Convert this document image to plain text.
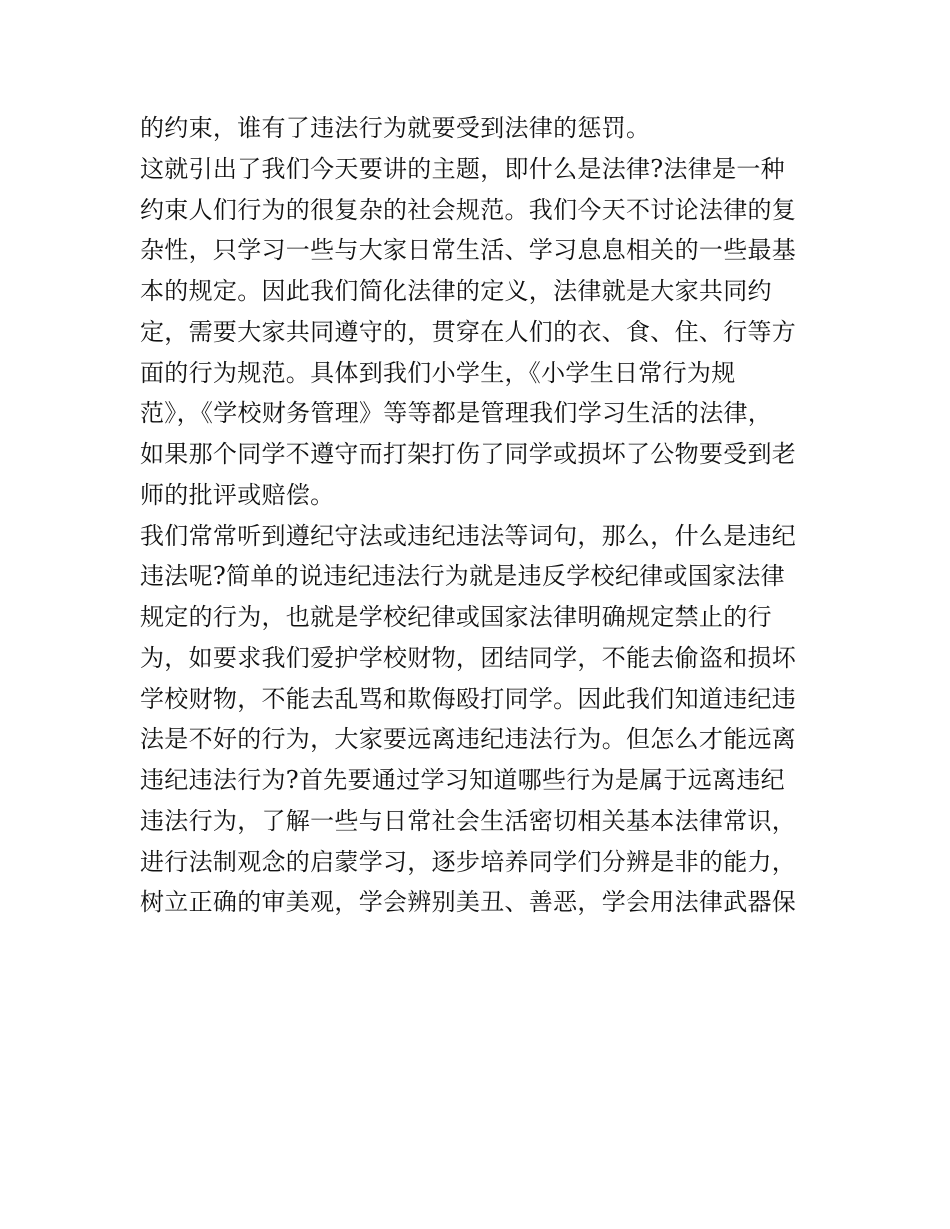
的约束，谁有了违法行为就要受到法律的惩罚。
这就引出了我们今天要讲的主题，即什么是法律?法律是一种
约束人们行为的很复杂的社会规范。我们今天不讨论法律的复
杂性，只学习一些与大家日常生活、学习息息相关的一些最基
本的规定。因此我们简化法律的定义，法律就是大家共同约
定，需要大家共同遵守的，贯穿在人们的衣、食、住、行等方
面的行为规范。具体到我们小学生，《小学生日常行为规
范》，《学校财务管理》等等都是管理我们学习生活的法律，
如果那个同学不遵守而打架打伤了同学或损坏了公物要受到老
师的批评或赔偿。
我们常常听到遵纪守法或违纪违法等词句，那么，什么是违纪
违法呢?简单的说违纪违法行为就是违反学校纪律或国家法律
规定的行为，也就是学校纪律或国家法律明确规定禁止的行
为，如要求我们爱护学校财物，团结同学，不能去偷盗和损坏
学校财物，不能去乱骂和欺侮殴打同学。因此我们知道违纪违
法是不好的行为，大家要远离违纪违法行为。但怎么才能远离
违纪违法行为?首先要通过学习知道哪些行为是属于远离违纪
违法行为，了解一些与日常社会生活密切相关基本法律常识，
进行法制观念的启蒙学习，逐步培养同学们分辨是非的能力，
树立正确的审美观，学会辨别美丑、善恶，学会用法律武器保
